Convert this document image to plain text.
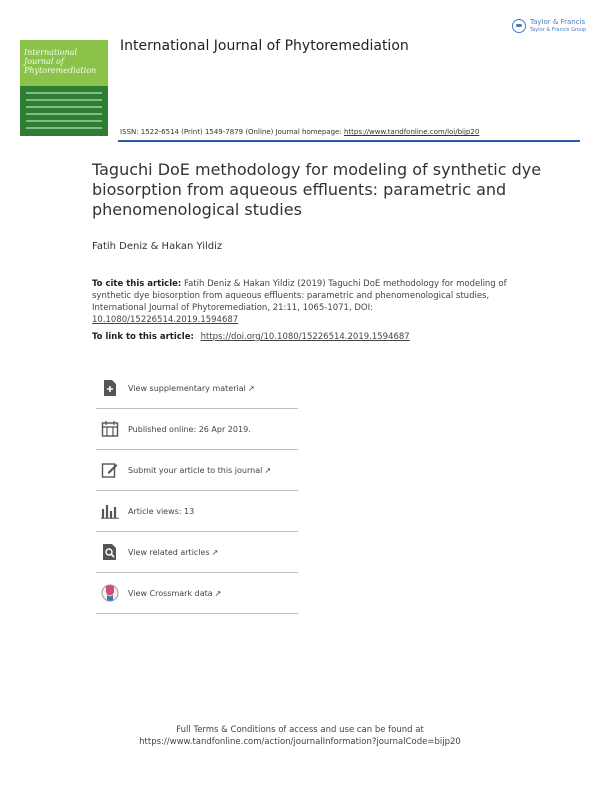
International Journal of Phytoremediation
International Journal of Phytoremediation
Taylor & Francis
Taylor & Francis Group
ISSN: 1522-6514 (Print) 1549-7879 (Online) Journal homepage: https://www.tandfonline.com/loi/bijp20
Taguchi DoE methodology for modeling of synthetic dye biosorption from aqueous effluents: parametric and phenomenological studies
Fatih Deniz & Hakan Yildiz
To cite this article: Fatih Deniz & Hakan Yildiz (2019) Taguchi DoE methodology for modeling of synthetic dye biosorption from aqueous effluents: parametric and phenomenological studies, International Journal of Phytoremediation, 21:11, 1065-1071, DOI: 10.1080/15226514.2019.1594687
To link to this article: https://doi.org/10.1080/15226514.2019.1594687
View supplementary material ↗
Published online: 26 Apr 2019.
Submit your article to this journal ↗
Article views: 13
View related articles ↗
View Crossmark data ↗
Full Terms & Conditions of access and use can be found at
https://www.tandfonline.com/action/journalInformation?journalCode=bijp20
